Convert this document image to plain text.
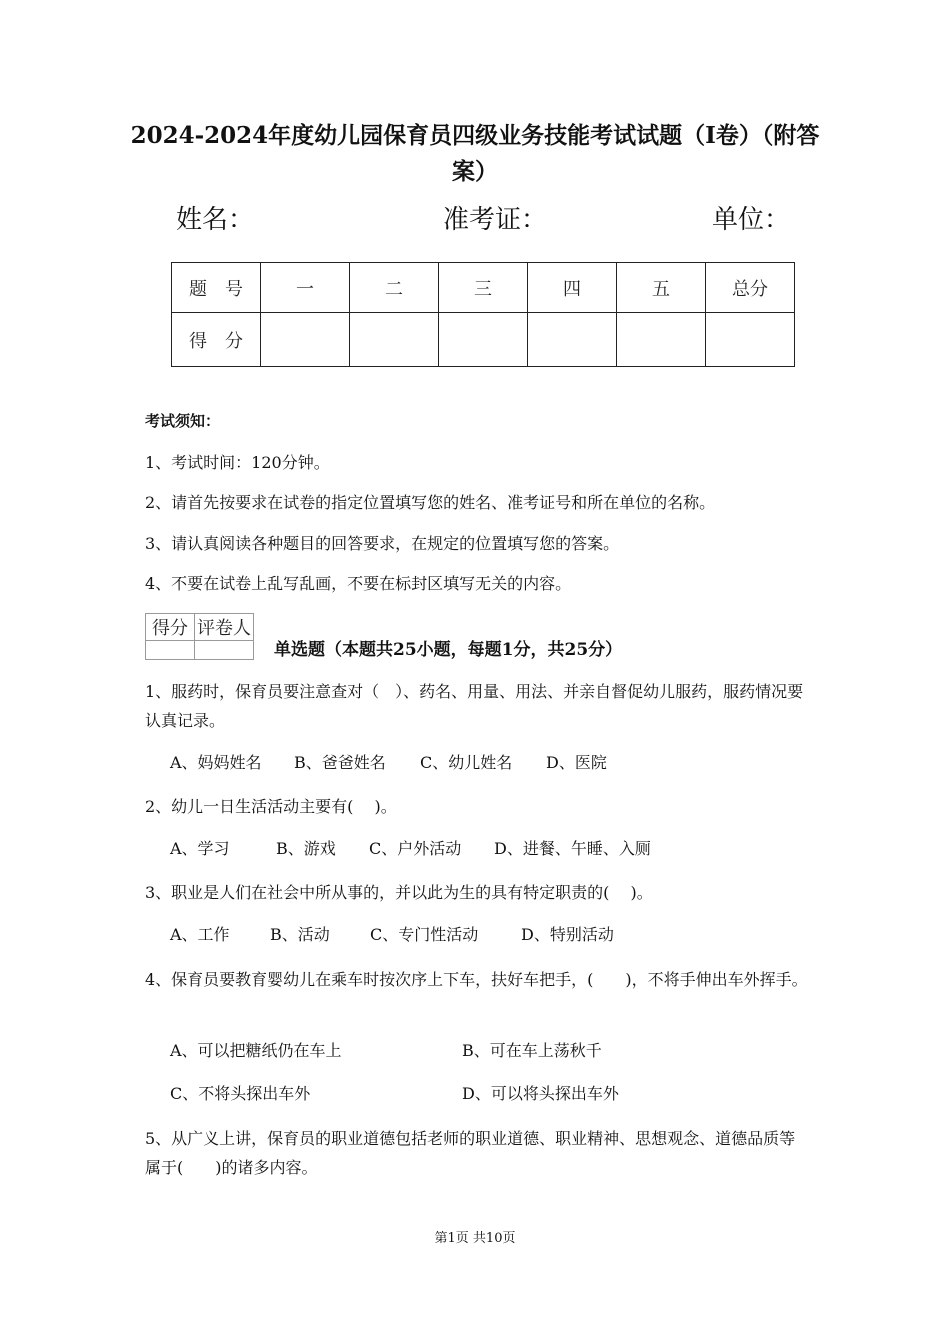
2024-2024年度幼儿园保育员四级业务技能考试试题（I卷）（附答案）
姓名：	准考证：	单位：
题　号	一	二	三	四	五	总分
得　分						
考试须知：
1、考试时间：120分钟。
2、请首先按要求在试卷的指定位置填写您的姓名、准考证号和所在单位的名称。
3、请认真阅读各种题目的回答要求，在规定的位置填写您的答案。
4、不要在试卷上乱写乱画，不要在标封区填写无关的内容。
得分	评卷人

单选题（本题共25小题，每题1分，共25分）
1、服药时，保育员要注意查对（　）、药名、用量、用法、并亲自督促幼儿服药，服药情况要认真记录。
A、妈妈姓名 B、爸爸姓名 C、幼儿姓名 D、医院
2、幼儿一日生活活动主要有(　 )。
A、学习	B、游戏 C、户外活动 D、进餐、午睡、入厕
3、职业是人们在社会中所从事的，并以此为生的具有特定职责的(　 )。
A、工作	B、活动	C、专门性活动	D、特别活动
4、保育员要教育婴幼儿在乘车时按次序上下车，扶好车把手，(　　)，不将手伸出车外挥手。
A、可以把糖纸仍在车上	B、可在车上荡秋千
C、不将头探出车外	D、可以将头探出车外
5、从广义上讲，保育员的职业道德包括老师的职业道德、职业精神、思想观念、道德品质等属于(　　)的诸多内容。
第1页 共10页
